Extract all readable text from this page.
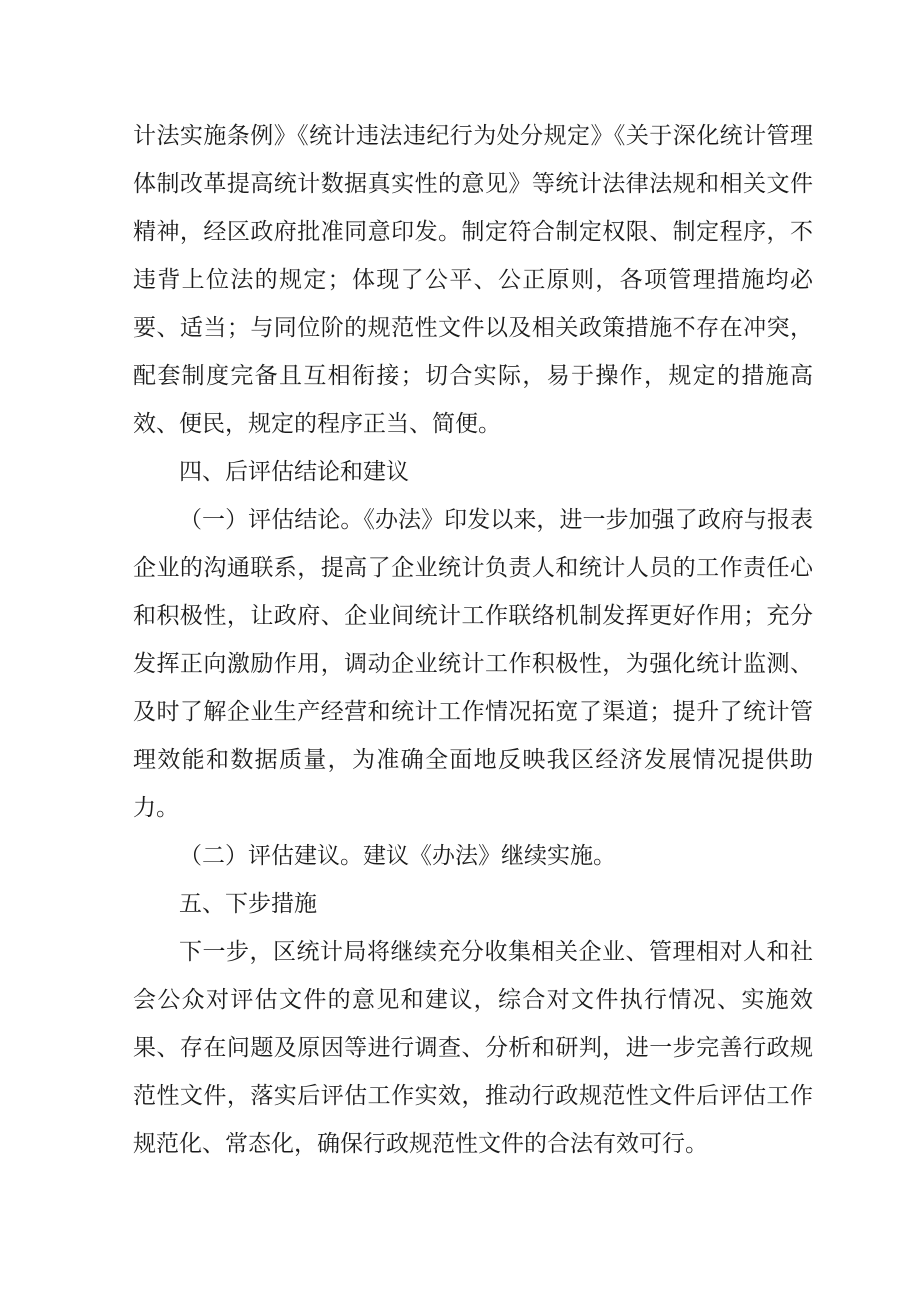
计法实施条例》《统计违法违纪行为处分规定》《关于深化统计管理体制改革提高统计数据真实性的意见》等统计法律法规和相关文件精神，经区政府批准同意印发。制定符合制定权限、制定程序，不违背上位法的规定；体现了公平、公正原则，各项管理措施均必要、适当；与同位阶的规范性文件以及相关政策措施不存在冲突，配套制度完备且互相衔接；切合实际，易于操作，规定的措施高效、便民，规定的程序正当、简便。

四、后评估结论和建议

（一）评估结论。《办法》印发以来，进一步加强了政府与报表企业的沟通联系，提高了企业统计负责人和统计人员的工作责任心和积极性，让政府、企业间统计工作联络机制发挥更好作用；充分发挥正向激励作用，调动企业统计工作积极性，为强化统计监测、及时了解企业生产经营和统计工作情况拓宽了渠道；提升了统计管理效能和数据质量，为准确全面地反映我区经济发展情况提供助力。

（二）评估建议。建议《办法》继续实施。

五、下步措施

下一步，区统计局将继续充分收集相关企业、管理相对人和社会公众对评估文件的意见和建议，综合对文件执行情况、实施效果、存在问题及原因等进行调查、分析和研判，进一步完善行政规范性文件，落实后评估工作实效，推动行政规范性文件后评估工作规范化、常态化，确保行政规范性文件的合法有效可行。
